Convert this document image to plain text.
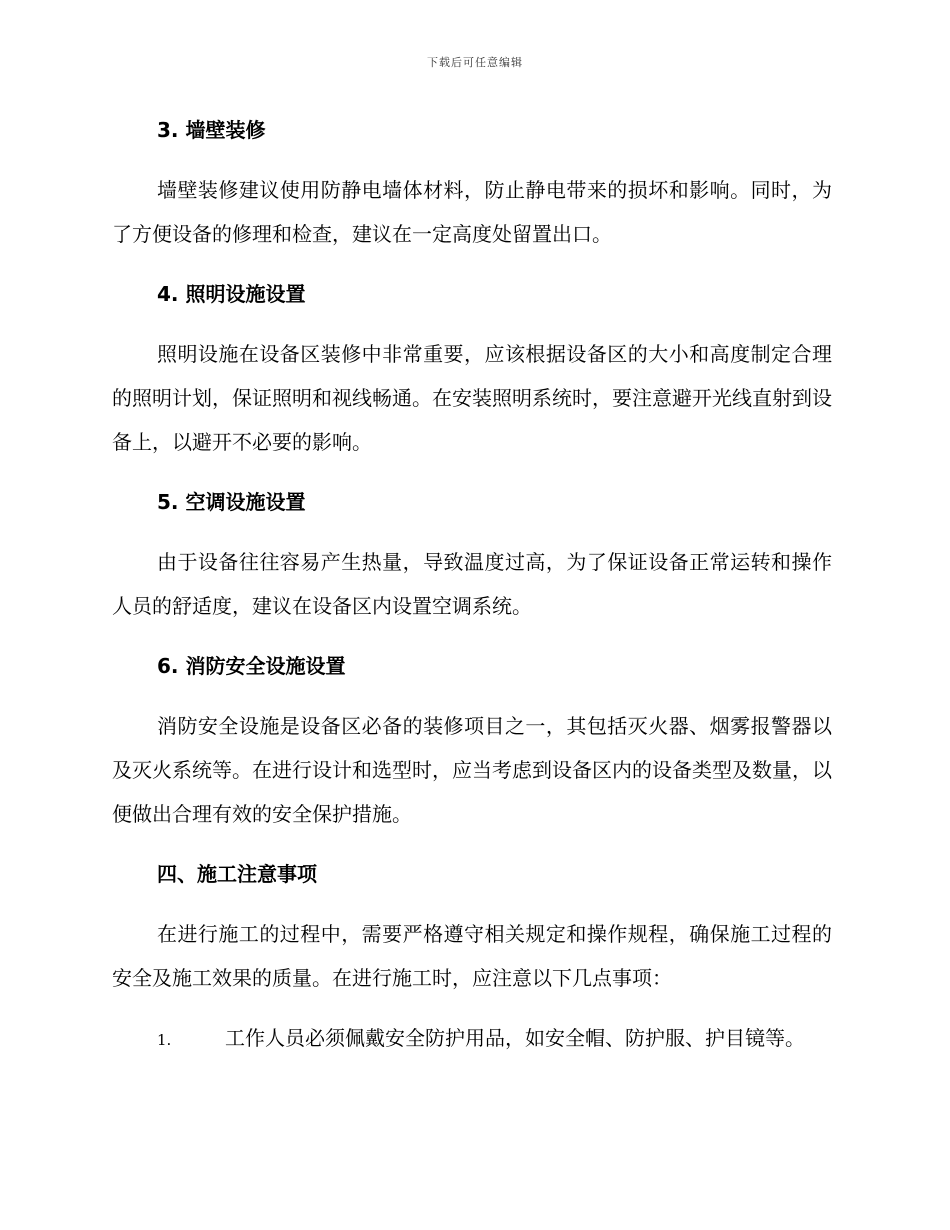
下载后可任意编辑
3. 墙壁装修

墙壁装修建议使用防静电墙体材料，防止静电带来的损坏和影响。同时，为了方便设备的修理和检查，建议在一定高度处留置出口。

4. 照明设施设置

照明设施在设备区装修中非常重要，应该根据设备区的大小和高度制定合理的照明计划，保证照明和视线畅通。在安装照明系统时，要注意避开光线直射到设备上，以避开不必要的影响。

5. 空调设施设置

由于设备往往容易产生热量，导致温度过高，为了保证设备正常运转和操作人员的舒适度，建议在设备区内设置空调系统。

6. 消防安全设施设置

消防安全设施是设备区必备的装修项目之一，其包括灭火器、烟雾报警器以及灭火系统等。在进行设计和选型时，应当考虑到设备区内的设备类型及数量，以便做出合理有效的安全保护措施。

四、施工注意事项

在进行施工的过程中，需要严格遵守相关规定和操作规程，确保施工过程的安全及施工效果的质量。在进行施工时，应注意以下几点事项：

1.	工作人员必须佩戴安全防护用品，如安全帽、防护服、护目镜等。
